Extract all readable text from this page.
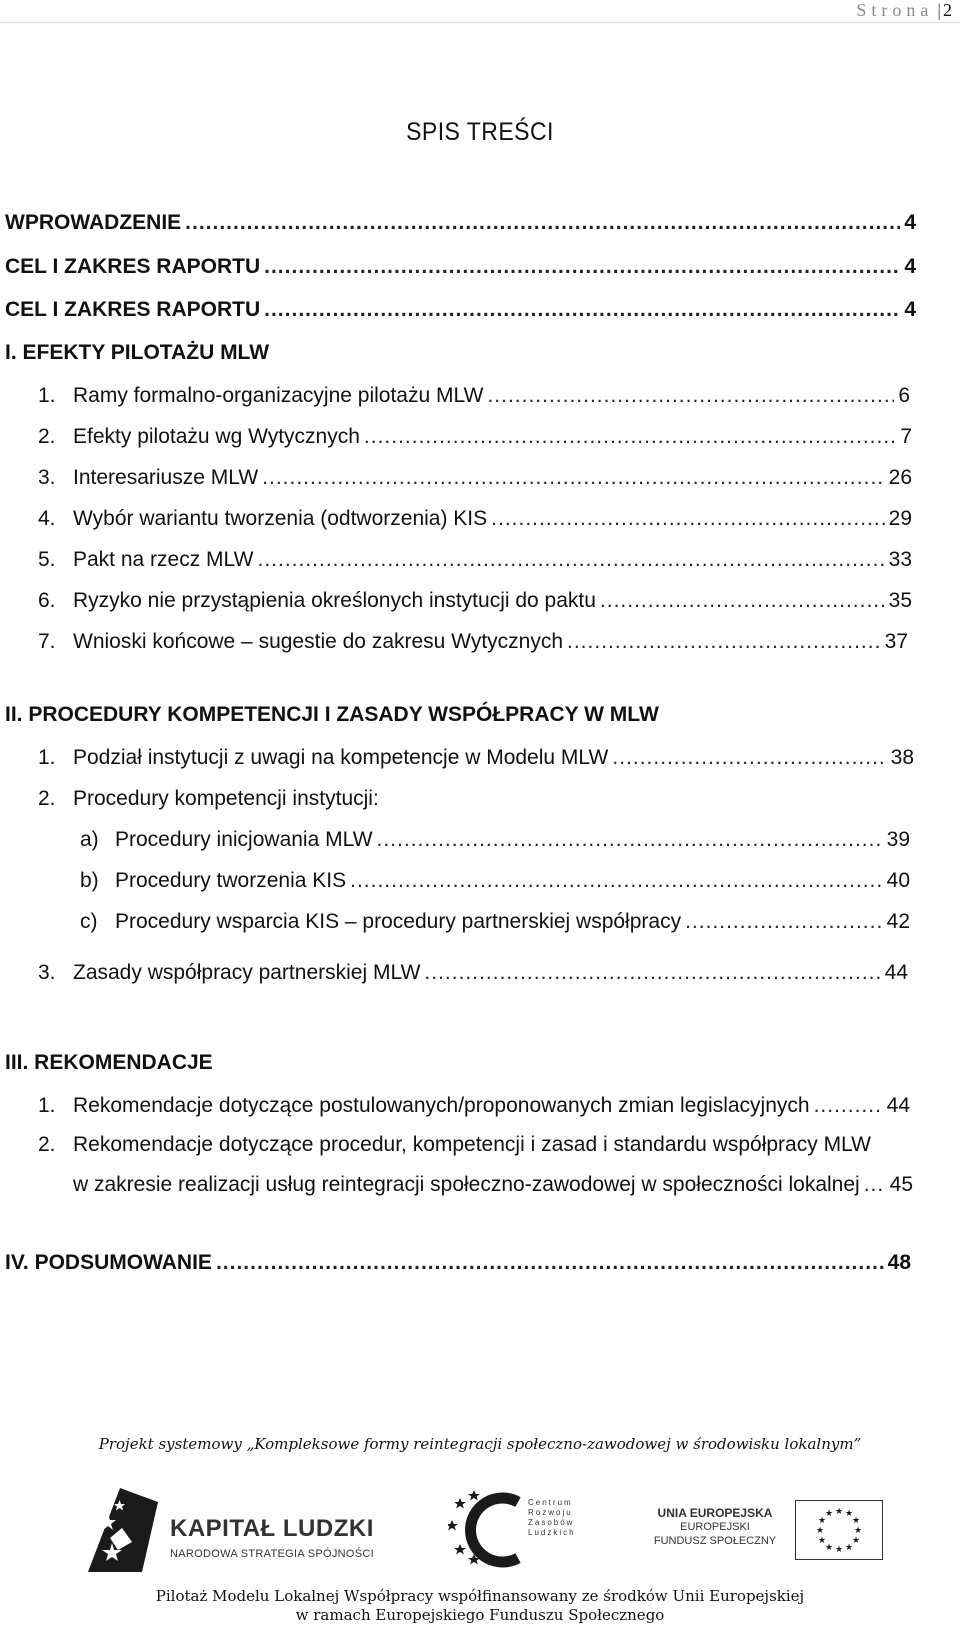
Strona | 2
SPIS TREŚCI
WPROWADZENIE .....	4
CEL I ZAKRES RAPORTU .....	4
CEL I ZAKRES RAPORTU .....	4
I. EFEKTY PILOTAŻU MLW
1. Ramy formalno-organizacyjne pilotażu MLW .....	6
2. Efekty pilotażu wg Wytycznych .....	7
3. Interesariusze MLW .....	26
4. Wybór wariantu tworzenia (odtworzenia) KIS .....	29
5. Pakt na rzecz MLW .....	33
6. Ryzyko nie przystąpienia określonych instytucji do paktu .....	35
7. Wnioski końcowe – sugestie do zakresu Wytycznych .....	37
II. PROCEDURY KOMPETENCJI I ZASADY WSPÓŁPRACY W MLW
1. Podział instytucji z uwagi na kompetencje w Modelu MLW .....	38
2. Procedury kompetencji instytucji:
a) Procedury inicjowania MLW .....	39
b) Procedury tworzenia KIS .....	40
c) Procedury wsparcia KIS – procedury partnerskiej współpracy .....	42
3. Zasady współpracy partnerskiej MLW .....	44
III. REKOMENDACJE
1. Rekomendacje dotyczące postulowanych/proponowanych zmian legislacyjnych .....	44
2. Rekomendacje dotyczące procedur, kompetencji i zasad i standardu współpracy MLW
w zakresie realizacji usług reintegracji społeczno-zawodowej w społeczności lokalnej ..... 45
IV. PODSUMOWANIE .....	48
Projekt systemowy „Kompleksowe formy reintegracji społeczno-zawodowej w środowisku lokalnym”
KAPITAŁ LUDZKI
NARODOWA STRATEGIA SPÓJNOŚCI
Centrum Rozwoju Zasobów Ludzkich
UNIA EUROPEJSKA
EUROPEJSKI
FUNDUSZ SPOŁECZNY
★ ★
★
★
★
★
★
★
★
★
★
★
Pilotaż Modelu Lokalnej Współpracy współfinansowany ze środków Unii Europejskiej
w ramach Europejskiego Funduszu Społecznego
